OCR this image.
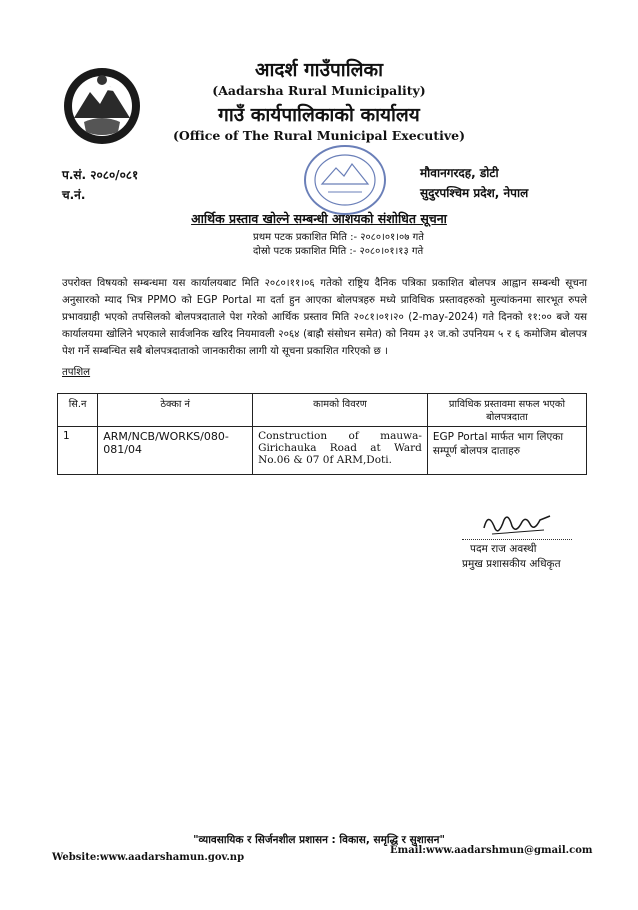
आदर्श गाउँपालिका
(Aadarsha Rural Municipality)
गाउँ कार्यपालिकाको कार्यालय
(Office of The Rural Municipal Executive)
प.सं. २०८०/०८१
च.नं.
मौवानगरदह, डोटी
सुदुरपश्चिम प्रदेश, नेपाल
आर्थिक प्रस्ताव खोल्ने सम्बन्धी आशयको संशोधित सूचना
प्रथम पटक प्रकाशित मिति :- २०८०।०१।०७ गते
दोस्रो पटक प्रकाशित मिति :- २०८०।०१।१३ गते
उपरोक्त विषयको सम्बन्धमा यस कार्यालयबाट मिति २०८०।११।०६ गतेको राष्ट्रिय दैनिक पत्रिका प्रकाशित बोलपत्र आह्वान सम्बन्धी सूचना अनुसारको म्याद भित्र PPMO को EGP Portal मा दर्ता हुन आएका बोलपत्रहरु मध्ये प्राविधिक प्रस्तावहरुको मुल्यांकनमा सारभूत रुपले प्रभावग्राही भएको तपसिलको बोलपत्रदाताले पेश गरेको आर्थिक प्रस्ताव मिति २०८१।०१।२० (2-may-2024) गते दिनको ११:०० बजे यस कार्यालयमा खोलिने भएकाले सार्वजनिक खरिद नियमावली २०६४ (बाह्रौ संसोधन समेत) को नियम ३१ ज.को उपनियम ५ र ६ कमोजिम बोलपत्र पेश गर्ने सम्बन्धित सबै बोलपत्रदाताको जानकारीका लागी यो सूचना प्रकाशित गरिएको छ ।
तपशिल
सि.न	ठेक्का नं	कामको विवरण	प्राविधिक प्रस्तावमा सफल भएको बोलपत्रदाता
1	ARM/NCB/WORKS/080-081/04	Construction of mauwa-Girichauka Road at Ward No.06 & 07 0f ARM,Doti.	EGP Portal मार्फत भाग लिएका सम्पूर्ण बोलपत्र दाताहरु
पदम राज अवस्थी
प्रमुख प्रशासकीय अधिकृत
"व्यावसायिक र सिर्जनशील प्रशासन : विकास, समृद्धि र सुशासन"
Website:www.aadarshamun.gov.np
Email:www.aadarshmun@gmail.com
